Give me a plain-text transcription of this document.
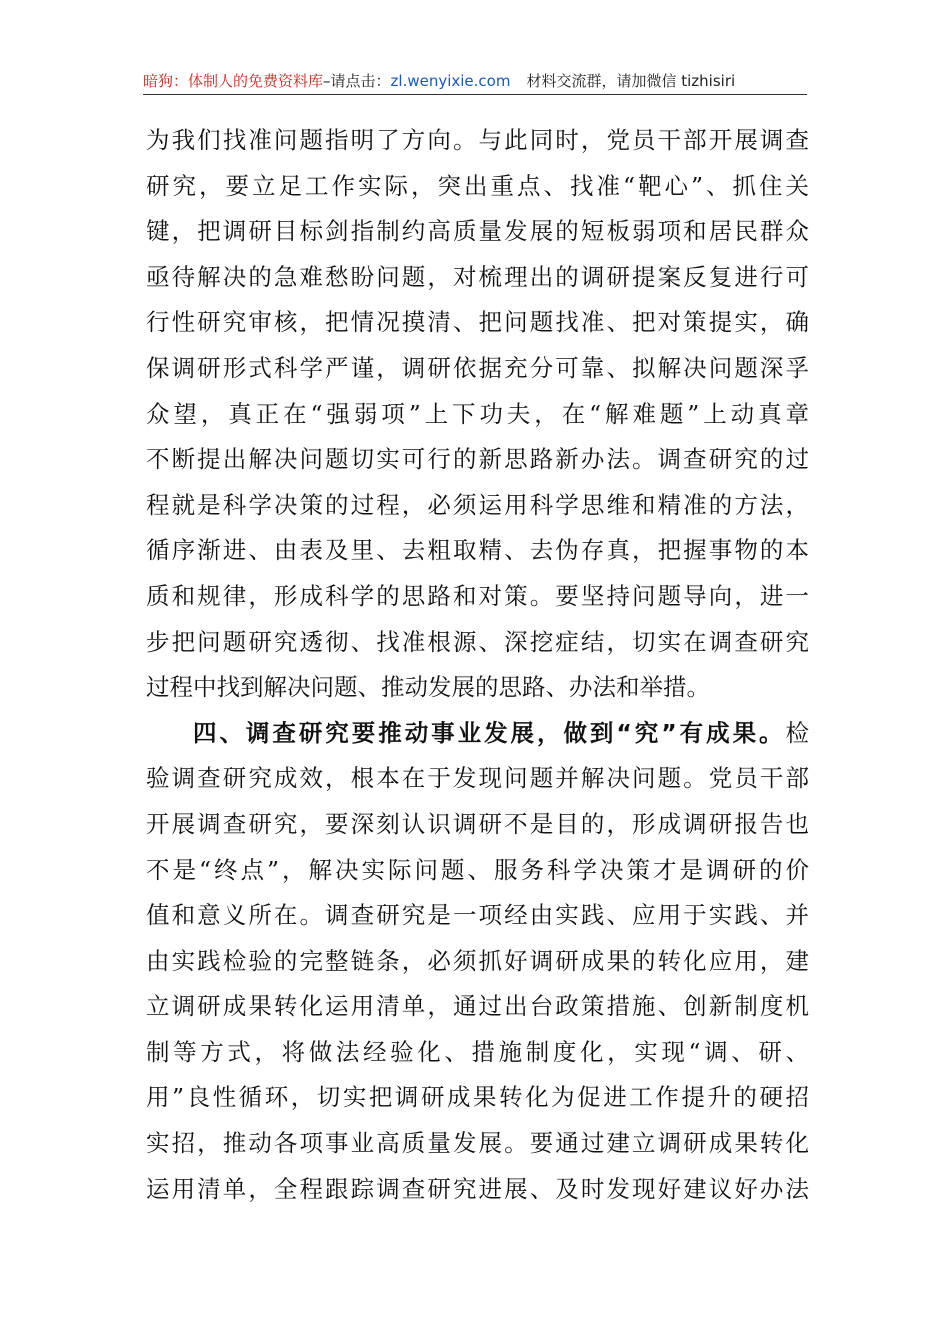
暗狗：体制人的免费资料库–请点击：zl.wenyixie.com 材料交流群，请加微信 tizhisiri
为我们找准问题指明了方向。与此同时，党员干部开展调查
研究，要立足工作实际，突出重点、找准“靶心”、抓住关
键，把调研目标剑指制约高质量发展的短板弱项和居民群众
亟待解决的急难愁盼问题，对梳理出的调研提案反复进行可
行性研究审核，把情况摸清、把问题找准、把对策提实，确
保调研形式科学严谨，调研依据充分可靠、拟解决问题深孚
众望，真正在“强弱项”上下功夫，在“解难题”上动真章
不断提出解决问题切实可行的新思路新办法。调查研究的过
程就是科学决策的过程，必须运用科学思维和精准的方法，
循序渐进、由表及里、去粗取精、去伪存真，把握事物的本
质和规律，形成科学的思路和对策。要坚持问题导向，进一
步把问题研究透彻、找准根源、深挖症结，切实在调查研究
过程中找到解决问题、推动发展的思路、办法和举措。
四、调查研究要推动事业发展，做到“究”有成果。检
验调查研究成效，根本在于发现问题并解决问题。党员干部
开展调查研究，要深刻认识调研不是目的，形成调研报告也
不是“终点”，解决实际问题、服务科学决策才是调研的价
值和意义所在。调查研究是一项经由实践、应用于实践、并
由实践检验的完整链条，必须抓好调研成果的转化应用，建
立调研成果转化运用清单，通过出台政策措施、创新制度机
制等方式，将做法经验化、措施制度化，实现“调、研、
用”良性循环，切实把调研成果转化为促进工作提升的硬招
实招，推动各项事业高质量发展。要通过建立调研成果转化
运用清单，全程跟踪调查研究进展、及时发现好建议好办法
